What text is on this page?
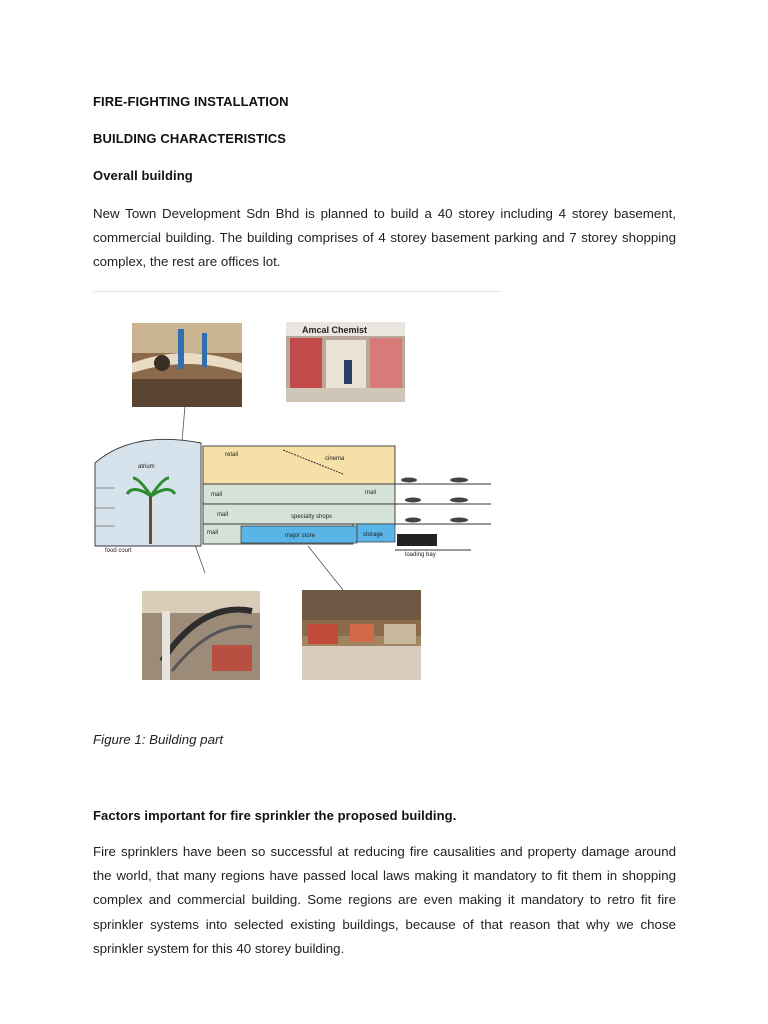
FIRE-FIGHTING INSTALLATION
BUILDING CHARACTERISTICS
Overall building
New Town Development Sdn Bhd is planned to build a 40 storey including 4 storey basement, commercial building. The building comprises of 4 storey basement parking and 7 storey shopping complex, the rest are offices lot.
atrium
retail
cinema
mall	mall
mall	specialty shops
mall	major store	storage
food court
loading bay
Amcal Chemist
Figure 1: Building part
Factors important for fire sprinkler the proposed building.
Fire sprinklers have been so successful at reducing fire causalities and property damage around the world, that many regions have passed local laws making it mandatory to fit them in shopping complex and commercial building. Some regions are even making it mandatory to retro fit fire sprinkler systems into selected existing buildings, because of that reason that why we chose sprinkler system for this 40 storey building.
